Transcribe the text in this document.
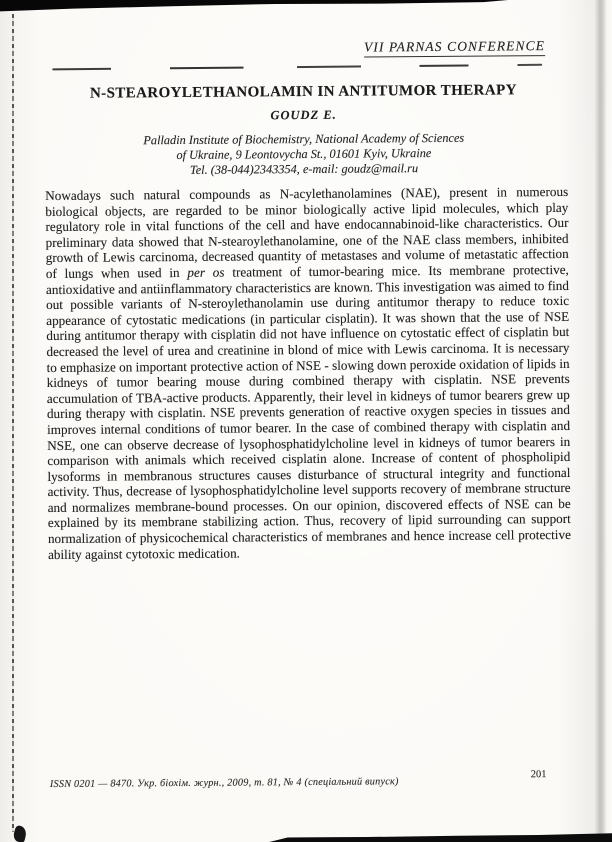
VII PARNAS CONFERENCE
N-STEAROYLETHANOLAMIN IN ANTITUMOR THERAPY
GOUDZ E.
Palladin Institute of Biochemistry, National Academy of Sciences
of Ukraine, 9 Leontovycha St., 01601 Kyiv, Ukraine
Tel. (38-044)2343354, e-mail: goudz@mail.ru

Nowadays such natural compounds as N-acylethanolamines (NAE), present in numerous biological objects, are regarded to be minor biologically active lipid molecules, which play regulatory role in vital functions of the cell and have endocannabinoid-like characteristics. Our preliminary data showed that N-stearoylethanolamine, one of the NAE class members, inhibited growth of Lewis carcinoma, decreased quantity of metastases and volume of metastatic affection of lungs when used in per os treatment of tumor-bearing mice. Its membrane protective, antioxidative and antiinflammatory characteristics are known. This investigation was aimed to find out possible variants of N-steroylethanolamin use during antitumor therapy to reduce toxic appearance of cytostatic medications (in particular cisplatin). It was shown that the use of NSE during antitumor therapy with cisplatin did not have influence on cytostatic effect of cisplatin but decreased the level of urea and creatinine in blond of mice with Lewis carcinoma. It is necessary to emphasize on important protective action of NSE - slowing down peroxide oxidation of lipids in kidneys of tumor bearing mouse during combined therapy with cisplatin. NSE prevents accumulation of TBA-active products. Apparently, their level in kidneys of tumor bearers grew up during therapy with cisplatin. NSE prevents generation of reactive oxygen species in tissues and improves internal conditions of tumor bearer. In the case of combined therapy with cisplatin and NSE, one can observe decrease of lysophosphatidylcholine level in kidneys of tumor bearers in comparison with animals which received cisplatin alone. Increase of content of phospholipid lysoforms in membranous structures causes disturbance of structural integrity and functional activity. Thus, decrease of lysophosphatidylcholine level supports recovery of membrane structure and normalizes membrane-bound processes. On our opinion, discovered effects of NSE can be explained by its membrane stabilizing action. Thus, recovery of lipid surrounding can support normalization of physicochemical characteristics of membranes and hence increase cell protective ability against cytotoxic medication.

ISSN 0201 — 8470. Укр. біохім. журн., 2009, т. 81, № 4 (спеціальний випуск)
201
